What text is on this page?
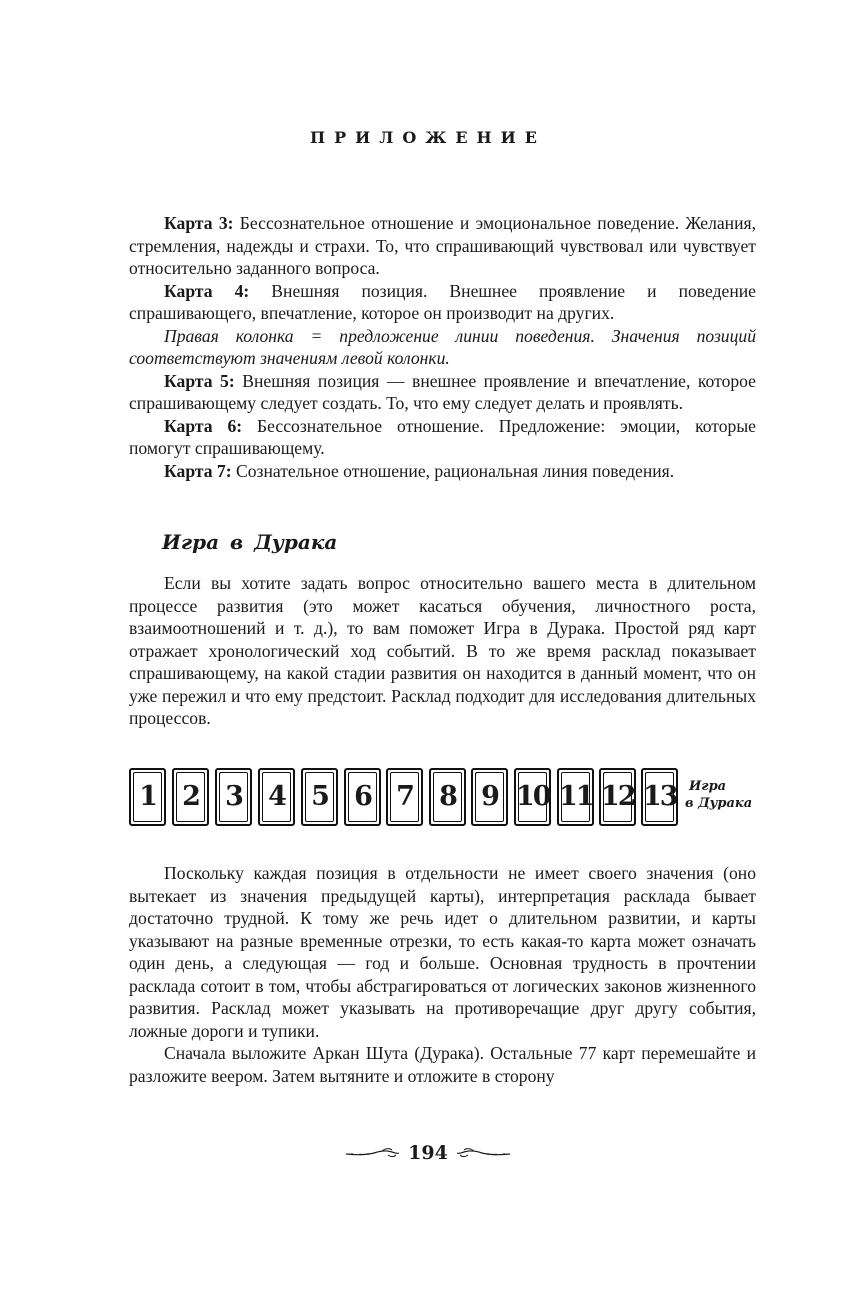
ПРИЛОЖЕНИЕ

Карта 3: Бессознательное отношение и эмоциональное поведение. Желания, стремления, надежды и страхи. То, что спрашивающий чувствовал или чувствует относительно заданного вопроса.

Карта 4: Внешняя позиция. Внешнее проявление и поведение спрашивающего, впечатление, которое он производит на других.

Правая колонка = предложение линии поведения. Значения позиций соответствуют значениям левой колонки.

Карта 5: Внешняя позиция — внешнее проявление и впечатление, которое спрашивающему следует создать. То, что ему следует делать и проявлять.

Карта 6: Бессознательное отношение. Предложение: эмоции, которые помогут спрашивающему.

Карта 7: Сознательное отношение, рациональная линия поведения.

Игра в Дурака

Если вы хотите задать вопрос относительно вашего места в длительном процессе развития (это может касаться обучения, личностного роста, взаимоотношений и т. д.), то вам поможет Игра в Дурака. Простой ряд карт отражает хронологический ход событий. В то же время расклад показывает спрашивающему, на какой стадии развития он находится в данный момент, что он уже пережил и что ему предстоит. Расклад подходит для исследования длительных процессов.

1 2 3 4 5 6 7 8 9 10 11 12 13 Игра
в Дурака

Поскольку каждая позиция в отдельности не имеет своего значения (оно вытекает из значения предыдущей карты), интерпретация расклада бывает достаточно трудной. К тому же речь идет о длительном развитии, и карты указывают на разные временные отрезки, то есть какая-то карта может означать один день, а следующая — год и больше. Основная трудность в прочтении расклада сотоит в том, чтобы абстрагироваться от логических законов жизненного развития. Расклад может указывать на противоречащие друг другу события, ложные дороги и тупики.

Сначала выложите Аркан Шута (Дурака). Остальные 77 карт перемешайте и разложите веером. Затем вытяните и отложите в сторону

194
